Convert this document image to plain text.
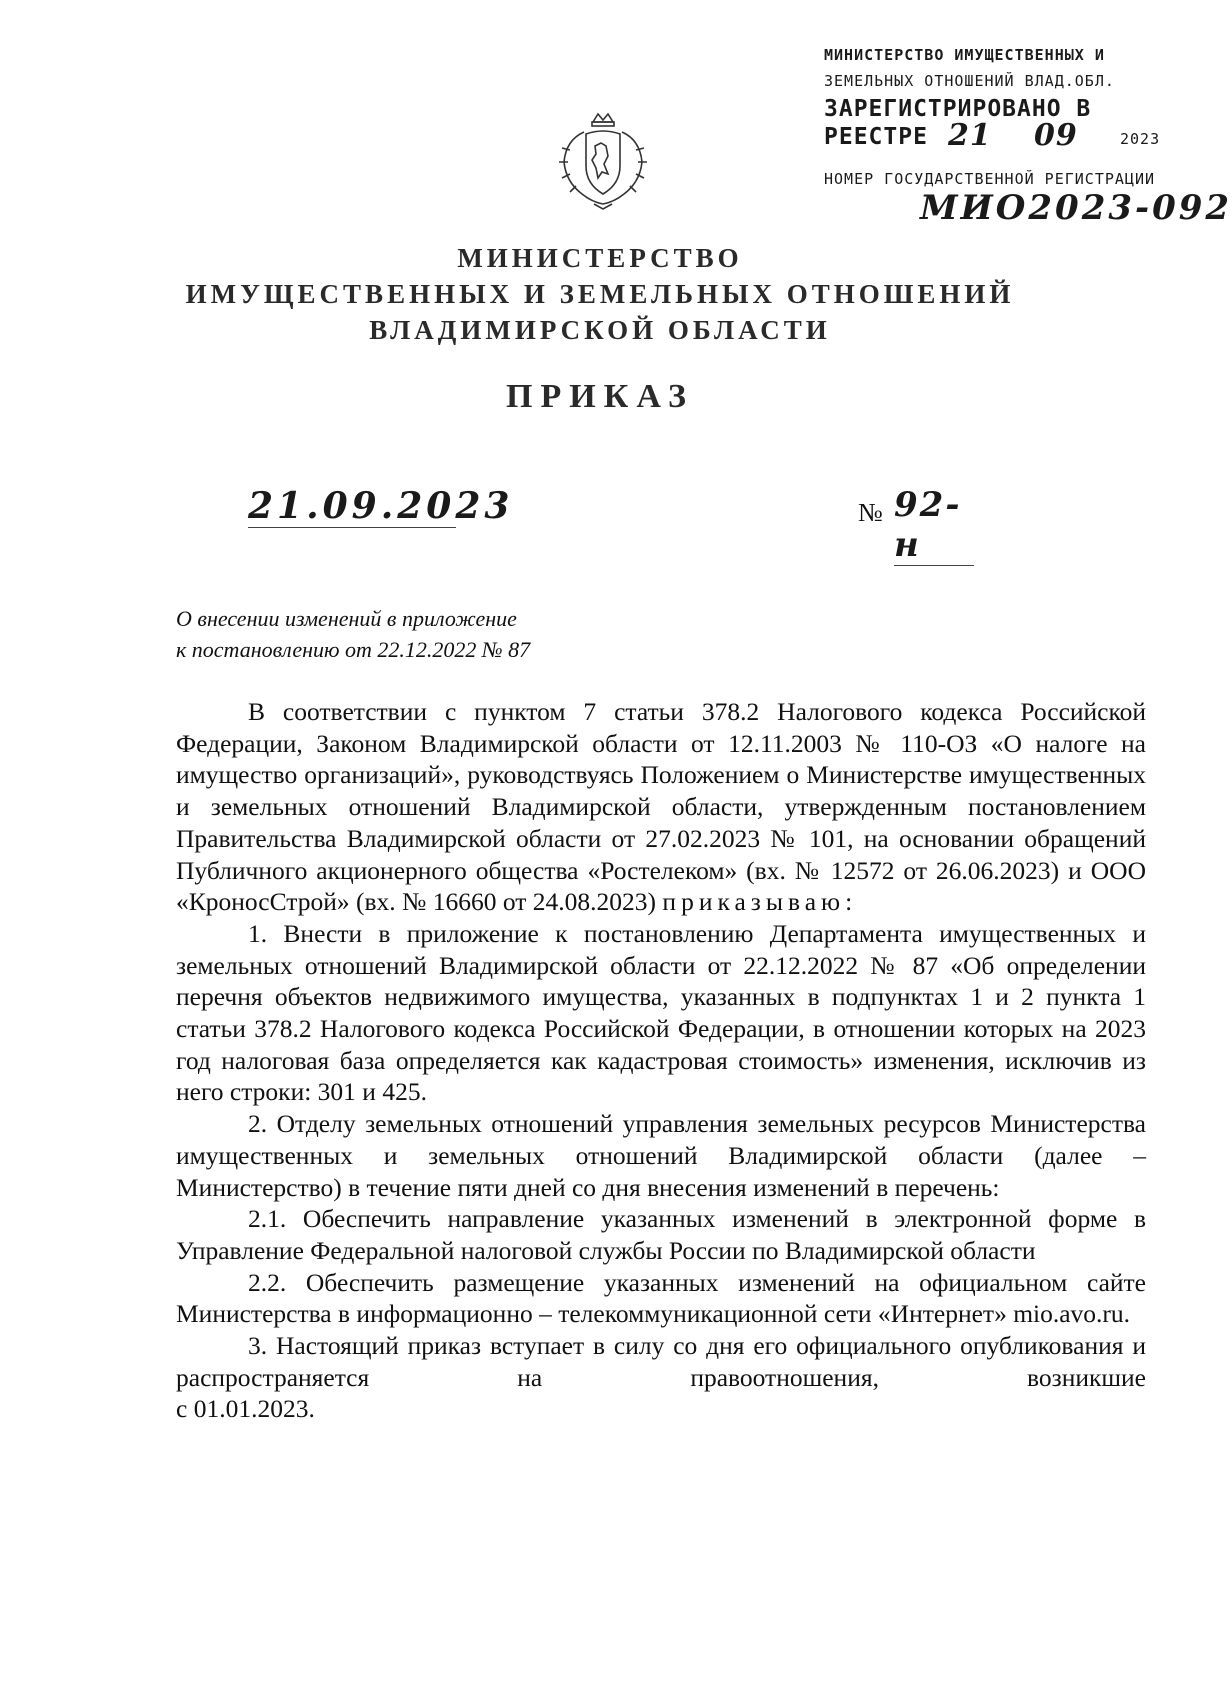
МИНИСТЕРСТВО ИМУЩЕСТВЕННЫХ И
ЗЕМЕЛЬНЫХ ОТНОШЕНИЙ ВЛАД.ОБЛ.
ЗАРЕГИСТРИРОВАНО В
РЕЕСТРЕ 21 09	2023
НОМЕР ГОСУДАРСТВЕННОЙ РЕГИСТРАЦИИ
МИО2023-092
МИНИСТЕРСТВО
ИМУЩЕСТВЕННЫХ И ЗЕМЕЛЬНЫХ ОТНОШЕНИЙ
ВЛАДИМИРСКОЙ ОБЛАСТИ
ПРИКАЗ
21.09.2023	№ 92-н
О внесении изменений в приложение
к постановлению от 22.12.2022 № 87

В соответствии с пунктом 7 статьи 378.2 Налогового кодекса Российской Федерации, Законом Владимирской области от 12.11.2003 № 110-ОЗ «О налоге на имущество организаций», руководствуясь Положением о Министерстве имущественных и земельных отношений Владимирской области, утвержденным постановлением Правительства Владимирской области от 27.02.2023 № 101, на основании обращений Публичного акционерного общества «Ростелеком» (вх. № 12572 от 26.06.2023) и ООО «КроносСтрой» (вх. № 16660 от 24.08.2023) приказываю:

1. Внести в приложение к постановлению Департамента имущественных и земельных отношений Владимирской области от 22.12.2022 № 87 «Об определении перечня объектов недвижимого имущества, указанных в подпунктах 1 и 2 пункта 1 статьи 378.2 Налогового кодекса Российской Федерации, в отношении которых на 2023 год налоговая база определяется как кадастровая стоимость» изменения, исключив из него строки: 301 и 425.

2. Отделу земельных отношений управления земельных ресурсов Министерства имущественных и земельных отношений Владимирской области (далее – Министерство) в течение пяти дней со дня внесения изменений в перечень:

2.1. Обеспечить направление указанных изменений в электронной форме в Управление Федеральной налоговой службы России по Владимирской области

2.2. Обеспечить размещение указанных изменений на официальном сайте Министерства в информационно – телекоммуникационной сети «Интернет» mio.avo.ru.

3. Настоящий приказ вступает в силу со дня его официального опубликования и распространяется на правоотношения, возникшие

с 01.01.2023.
